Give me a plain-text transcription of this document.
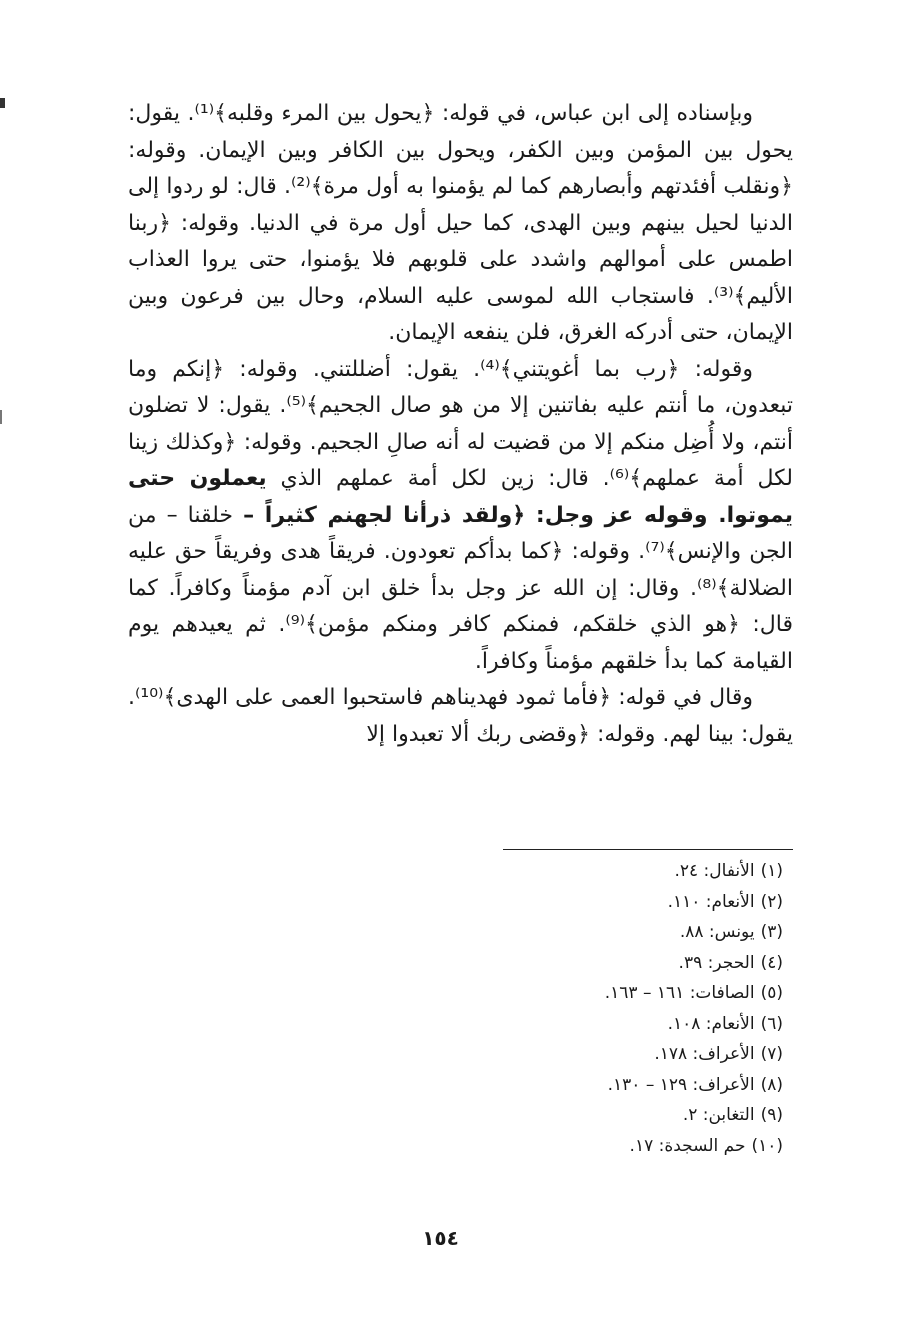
وبإسناده إلى ابن عباس، في قوله: ﴿يحول بين المرء وقلبه﴾⁽¹⁾. يقول: يحول بين المؤمن وبين الكفر، ويحول بين الكافر وبين الإيمان. وقوله: ﴿ونقلب أفئدتهم وأبصارهم كما لم يؤمنوا به أول مرة﴾⁽²⁾. قال: لو ردوا إلى الدنيا لحيل بينهم وبين الهدى، كما حيل أول مرة في الدنيا. وقوله: ﴿ربنا اطمس على أموالهم واشدد على قلوبهم فلا يؤمنوا، حتى يروا العذاب الأليم﴾⁽³⁾. فاستجاب الله لموسى عليه السلام، وحال بين فرعون وبين الإيمان، حتى أدركه الغرق، فلن ينفعه الإيمان.

وقوله: ﴿رب بما أغويتني﴾⁽⁴⁾. يقول: أضللتني. وقوله: ﴿إنكم وما تبعدون، ما أنتم عليه بفاتنين إلا من هو صال الجحيم﴾⁽⁵⁾. يقول: لا تضلون أنتم، ولا أُضِل منكم إلا من قضيت له أنه صالِ الجحيم. وقوله: ﴿وكذلك زينا لكل أمة عملهم﴾⁽⁶⁾. قال: زين لكل أمة عملهم الذي يعملون حتى يموتوا. وقوله عز وجل: ﴿ولقد ذرأنا لجهنم كثيراً – خلقنا – من الجن والإنس﴾⁽⁷⁾. وقوله: ﴿كما بدأكم تعودون. فريقاً هدى وفريقاً حق عليه الضلالة﴾⁽⁸⁾. وقال: إن الله عز وجل بدأ خلق ابن آدم مؤمناً وكافراً. كما قال: ﴿هو الذي خلقكم، فمنكم كافر ومنكم مؤمن﴾⁽⁹⁾. ثم يعيدهم يوم القيامة كما بدأ خلقهم مؤمناً وكافراً.

وقال في قوله: ﴿فأما ثمود فهديناهم فاستحبوا العمى على الهدى﴾⁽¹⁰⁾. يقول: بينا لهم. وقوله: ﴿وقضى ربك ألا تعبدوا إلا

(١)الأنفال: ٢٤.
(٢)الأنعام: ١١٠.
(٣)يونس: ٨٨.
(٤)الحجر: ٣٩.
(٥)الصافات: ١٦١ – ١٦٣.
(٦)الأنعام: ١٠٨.
(٧)الأعراف: ١٧٨.
(٨)الأعراف: ١٢٩ – ١٣٠.
(٩)التغابن: ٢.
(١٠)حم السجدة: ١٧.
١٥٤
